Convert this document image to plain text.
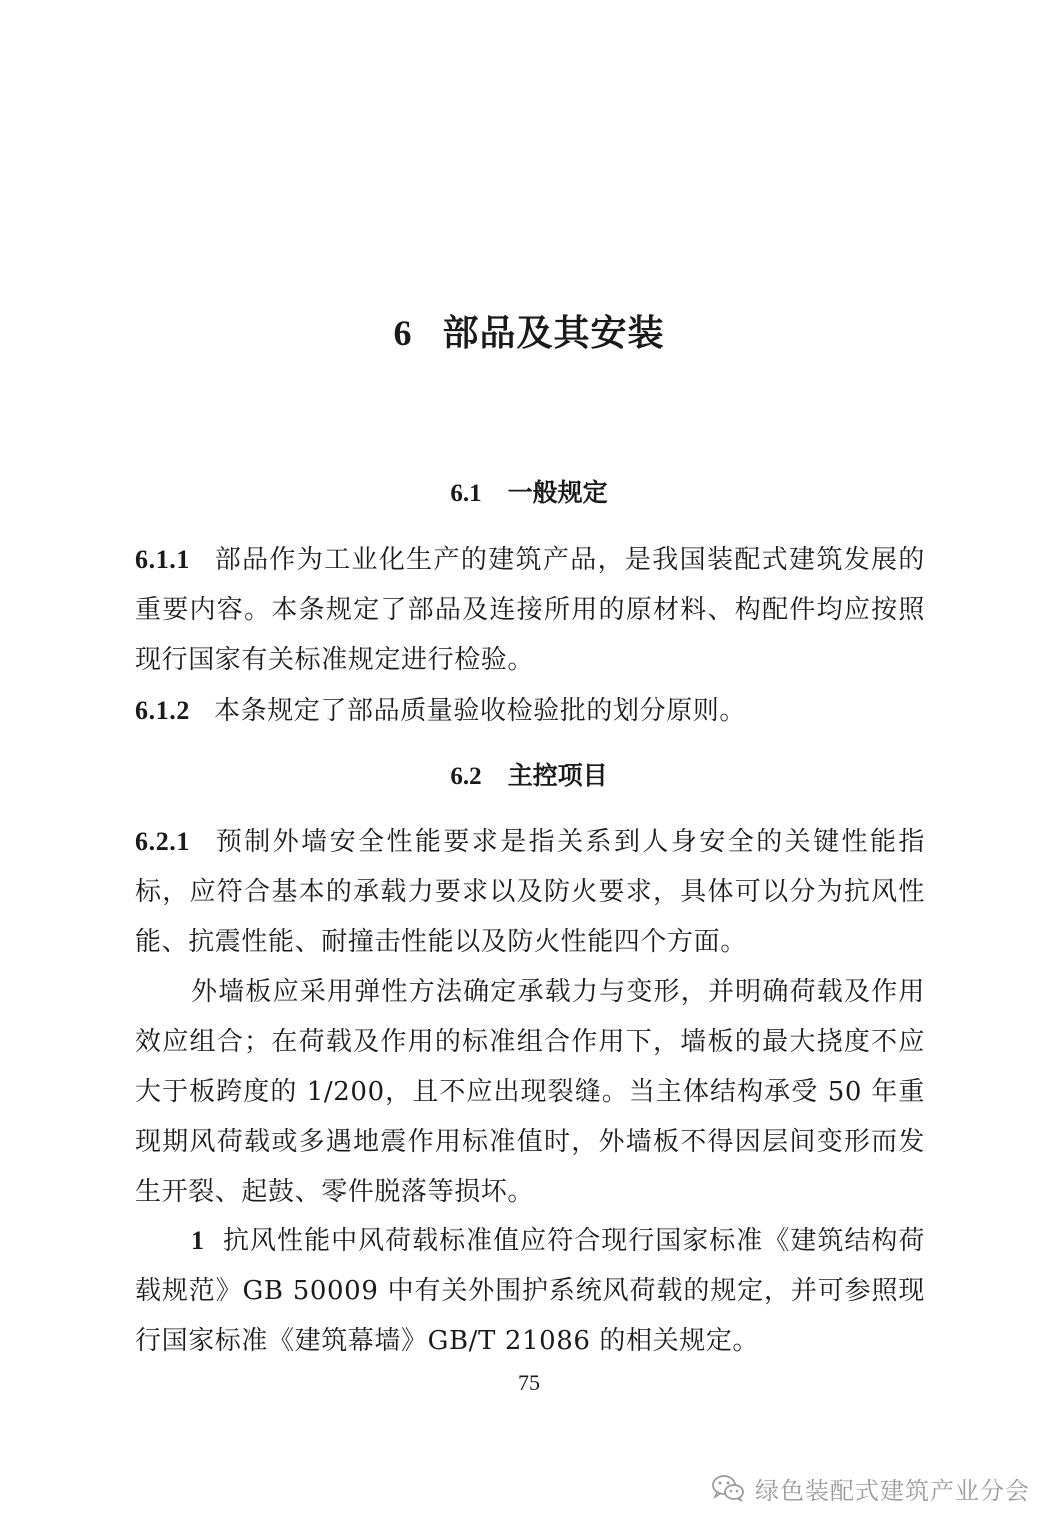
6 部品及其安装
6.1 一般规定
6.1.1 部品作为工业化生产的建筑产品，是我国装配式建筑发展的重要内容。本条规定了部品及连接所用的原材料、构配件均应按照现行国家有关标准规定进行检验。
6.1.2 本条规定了部品质量验收检验批的划分原则。
6.2 主控项目
6.2.1 预制外墙安全性能要求是指关系到人身安全的关键性能指标，应符合基本的承载力要求以及防火要求，具体可以分为抗风性能、抗震性能、耐撞击性能以及防火性能四个方面。
外墙板应采用弹性方法确定承载力与变形，并明确荷载及作用效应组合；在荷载及作用的标准组合作用下，墙板的最大挠度不应大于板跨度的 1/200，且不应出现裂缝。当主体结构承受 50 年重现期风荷载或多遇地震作用标准值时，外墙板不得因层间变形而发生开裂、起鼓、零件脱落等损坏。
1 抗风性能中风荷载标准值应符合现行国家标准《建筑结构荷载规范》GB 50009 中有关外围护系统风荷载的规定，并可参照现行国家标准《建筑幕墙》GB/T 21086 的相关规定。
75
绿色装配式建筑产业分会
